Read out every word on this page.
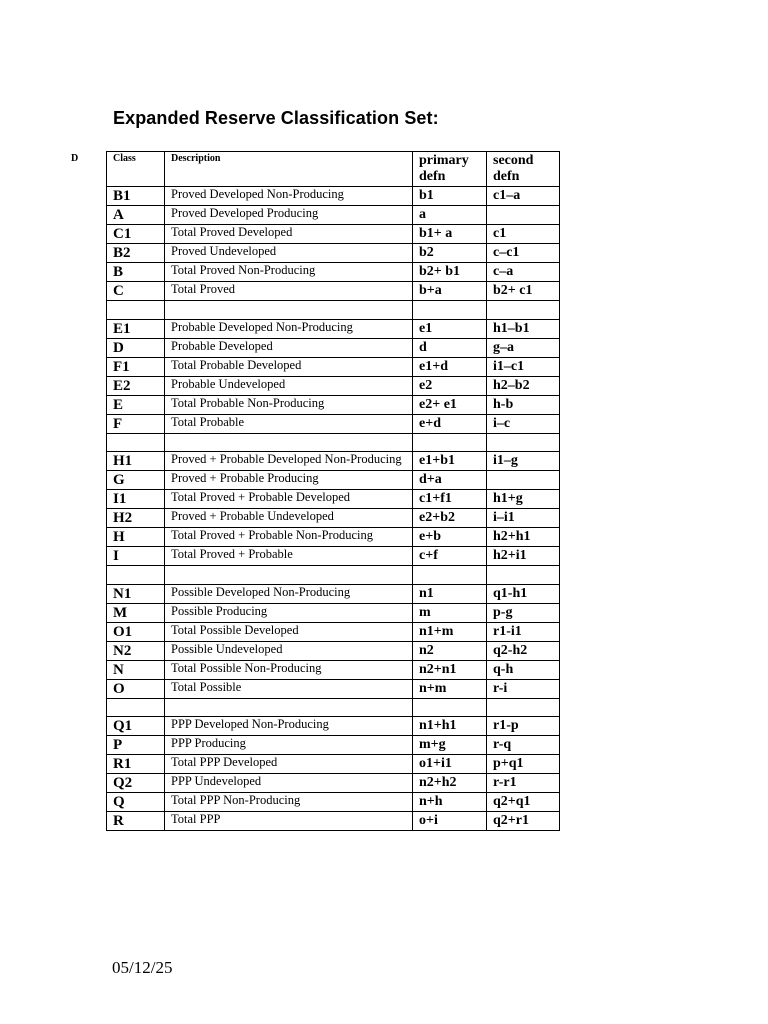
Expanded Reserve Classification Set:
D	Class	Description	primary defn	second defn
B1	Proved Developed Non-Producing	b1	c1–a
A	Proved Developed Producing	a	
C1	Total Proved Developed	b1+ a	c1
B2	Proved Undeveloped	b2	c–c1
B	Total Proved Non-Producing	b2+ b1	c–a
C	Total Proved	b+a	b2+ c1

E1	Probable Developed Non-Producing	e1	h1–b1
D	Probable Developed	d	g–a
F1	Total Probable Developed	e1+d	i1–c1
E2	Probable Undeveloped	e2	h2–b2
E	Total Probable Non-Producing	e2+ e1	h-b
F	Total Probable	e+d	i–c

H1	Proved + Probable Developed Non-Producing	e1+b1	i1–g
G	Proved + Probable Producing	d+a	
I1	Total Proved + Probable Developed	c1+f1	h1+g
H2	Proved + Probable Undeveloped	e2+b2	i–i1
H	Total Proved + Probable Non-Producing	e+b	h2+h1
I	Total Proved + Probable	c+f	h2+i1

N1	Possible Developed Non-Producing	n1	q1-h1
M	Possible Producing	m	p-g
O1	Total Possible Developed	n1+m	r1-i1
N2	Possible Undeveloped	n2	q2-h2
N	Total Possible Non-Producing	n2+n1	q-h
O	Total Possible	n+m	r-i

Q1	PPP Developed Non-Producing	n1+h1	r1-p
P	PPP Producing	m+g	r-q
R1	Total PPP Developed	o1+i1	p+q1
Q2	PPP Undeveloped	n2+h2	r-r1
Q	Total PPP Non-Producing	n+h	q2+q1
R	Total PPP	o+i	q2+r1
05/12/25
